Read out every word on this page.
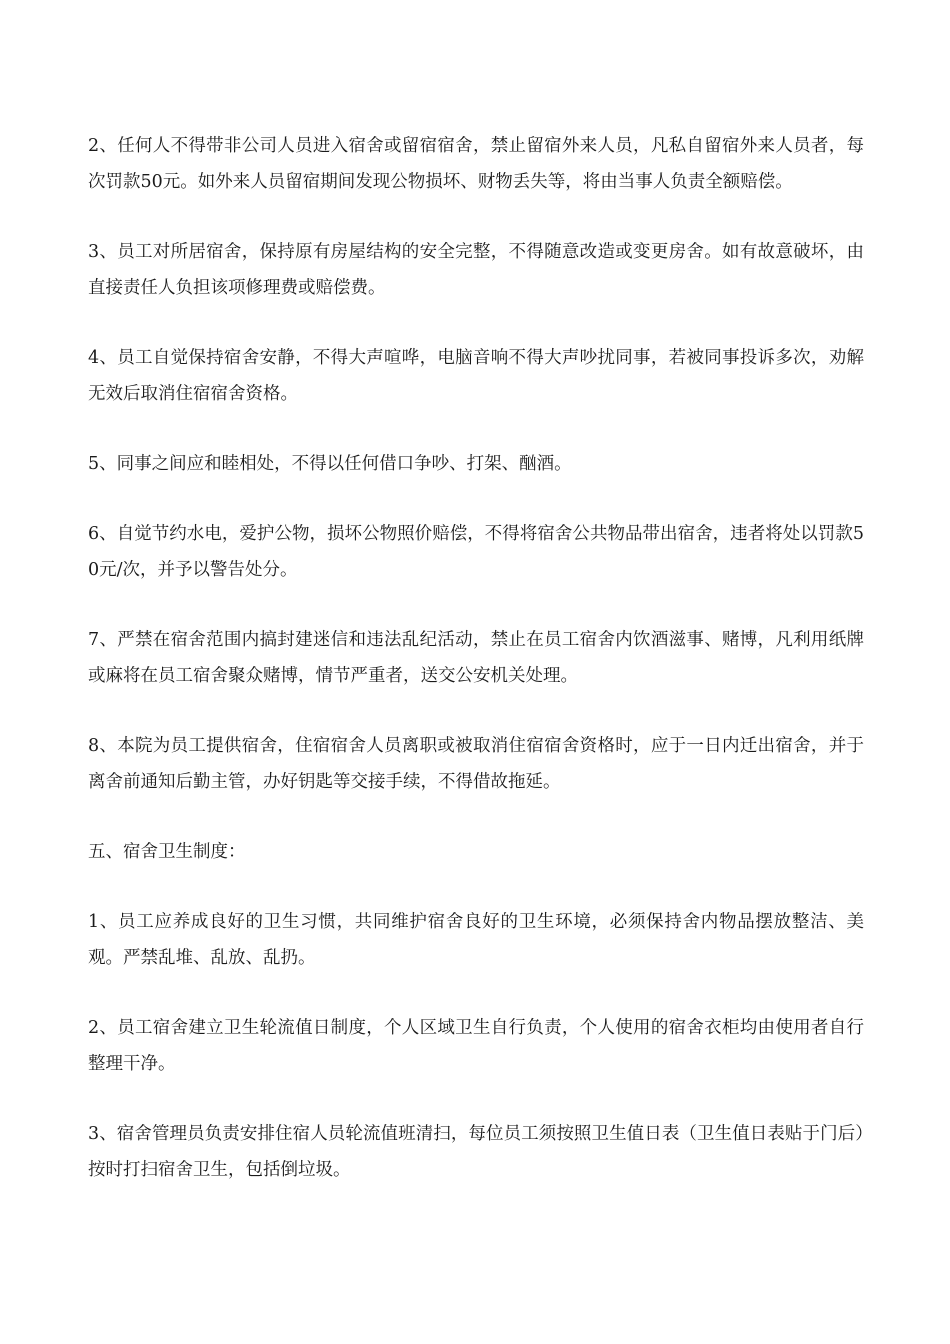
2、任何人不得带非公司人员进入宿舍或留宿宿舍，禁止留宿外来人员，凡私自留宿外来人员者，每次罚款50元。如外来人员留宿期间发现公物损坏、财物丢失等，将由当事人负责全额赔偿。

3、员工对所居宿舍，保持原有房屋结构的安全完整，不得随意改造或变更房舍。如有故意破坏，由直接责任人负担该项修理费或赔偿费。

4、员工自觉保持宿舍安静，不得大声喧哗，电脑音响不得大声吵扰同事，若被同事投诉多次，劝解无效后取消住宿宿舍资格。

5、同事之间应和睦相处，不得以任何借口争吵、打架、酗酒。

6、自觉节约水电，爱护公物，损坏公物照价赔偿，不得将宿舍公共物品带出宿舍，违者将处以罚款50元/次，并予以警告处分。

7、严禁在宿舍范围内搞封建迷信和违法乱纪活动，禁止在员工宿舍内饮酒滋事、赌博，凡利用纸牌或麻将在员工宿舍聚众赌博，情节严重者，送交公安机关处理。

8、本院为员工提供宿舍，住宿宿舍人员离职或被取消住宿宿舍资格时，应于一日内迁出宿舍，并于离舍前通知后勤主管，办好钥匙等交接手续，不得借故拖延。

五、宿舍卫生制度：

1、员工应养成良好的卫生习惯，共同维护宿舍良好的卫生环境，必须保持舍内物品摆放整洁、美观。严禁乱堆、乱放、乱扔。

2、员工宿舍建立卫生轮流值日制度，个人区域卫生自行负责，个人使用的宿舍衣柜均由使用者自行整理干净。

3、宿舍管理员负责安排住宿人员轮流值班清扫，每位员工须按照卫生值日表（卫生值日表贴于门后）按时打扫宿舍卫生，包括倒垃圾。
